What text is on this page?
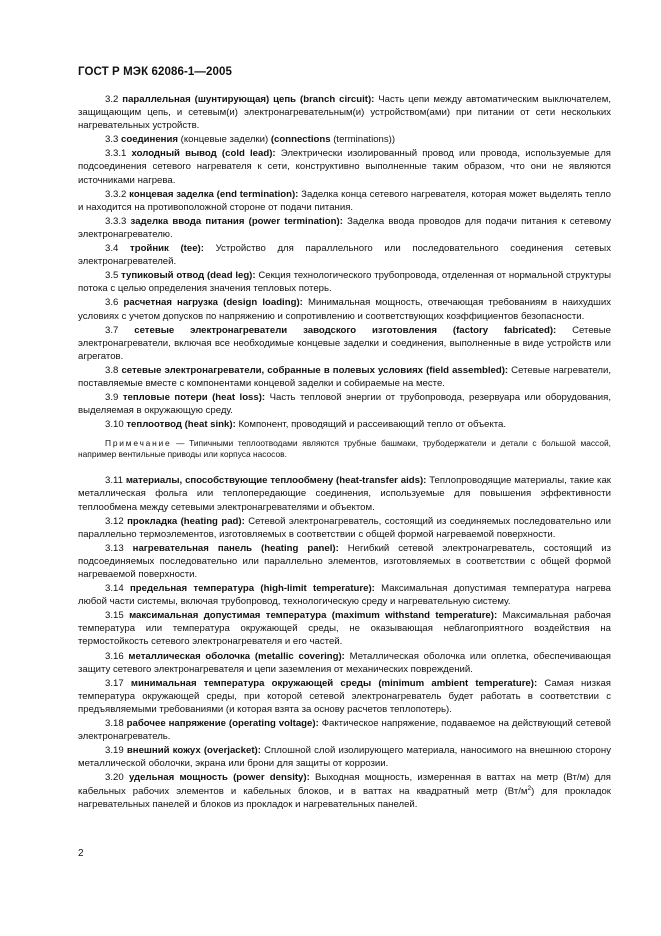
ГОСТ Р МЭК 62086-1—2005

3.2 параллельная (шунтирующая) цепь (branch circuit): Часть цепи между автоматическим выключателем, защищающим цепь, и сетевым(и) электронагревательным(и) устройством(ами) при питании от сети нескольких нагревательных устройств.

3.3 соединения (концевые заделки) (connections (terminations))

3.3.1 холодный вывод (cold lead): Электрически изолированный провод или провода, используемые для подсоединения сетевого нагревателя к сети, конструктивно выполненные таким образом, что они не являются источниками нагрева.

3.3.2 концевая заделка (end termination): Заделка конца сетевого нагревателя, которая может выделять тепло и находится на противоположной стороне от подачи питания.

3.3.3 заделка ввода питания (power termination): Заделка ввода проводов для подачи питания к сетевому электронагревателю.

3.4 тройник (tee): Устройство для параллельного или последовательного соединения сетевых электронагревателей.

3.5 тупиковый отвод (dead leg): Секция технологического трубопровода, отделенная от нормальной структуры потока с целью определения значения тепловых потерь.

3.6 расчетная нагрузка (design loading): Минимальная мощность, отвечающая требованиям в наихудших условиях с учетом допусков по напряжению и сопротивлению и соответствующих коэффициентов безопасности.

3.7 сетевые электронагреватели заводского изготовления (factory fabricated): Сетевые электронагреватели, включая все необходимые концевые заделки и соединения, выполненные в виде устройств или агрегатов.

3.8 сетевые электронагреватели, собранные в полевых условиях (field assembled): Сетевые нагреватели, поставляемые вместе с компонентами концевой заделки и собираемые на месте.

3.9 тепловые потери (heat loss): Часть тепловой энергии от трубопровода, резервуара или оборудования, выделяемая в окружающую среду.

3.10 теплоотвод (heat sink): Компонент, проводящий и рассеивающий тепло от объекта.

Примечание — Типичными теплоотводами являются трубные башмаки, трубодержатели и детали с большой массой, например вентильные приводы или корпуса насосов.

3.11 материалы, способствующие теплообмену (heat-transfer aids): Теплопроводящие материалы, такие как металлическая фольга или теплопередающие соединения, используемые для повышения эффективности теплообмена между сетевыми электронагревателями и объектом.

3.12 прокладка (heating pad): Сетевой электронагреватель, состоящий из соединяемых последовательно или параллельно термоэлементов, изготовляемых в соответствии с общей формой нагреваемой поверхности.

3.13 нагревательная панель (heating panel): Негибкий сетевой электронагреватель, состоящий из подсоединяемых последовательно или параллельно элементов, изготовляемых в соответствии с общей формой нагреваемой поверхности.

3.14 предельная температура (high-limit temperature): Максимальная допустимая температура нагрева любой части системы, включая трубопровод, технологическую среду и нагревательную систему.

3.15 максимальная допустимая температура (maximum withstand temperature): Максимальная рабочая температура или температура окружающей среды, не оказывающая неблагоприятного воздействия на термостойкость сетевого электронагревателя и его частей.

3.16 металлическая оболочка (metallic covering): Металлическая оболочка или оплетка, обеспечивающая защиту сетевого электронагревателя и цепи заземления от механических повреждений.

3.17 минимальная температура окружающей среды (minimum ambient temperature): Самая низкая температура окружающей среды, при которой сетевой электронагреватель будет работать в соответствии с предъявляемыми требованиями (и которая взята за основу расчетов теплопотерь).

3.18 рабочее напряжение (operating voltage): Фактическое напряжение, подаваемое на действующий сетевой электронагреватель.

3.19 внешний кожух (overjacket): Сплошной слой изолирующего материала, наносимого на внешнюю сторону металлической оболочки, экрана или брони для защиты от коррозии.

3.20 удельная мощность (power density): Выходная мощность, измеренная в ваттах на метр (Вт/м) для кабельных рабочих элементов и кабельных блоков, и в ваттах на квадратный метр $(Вт/м^2)$ для прокладок нагревательных панелей и блоков из прокладок и нагревательных панелей.

2
